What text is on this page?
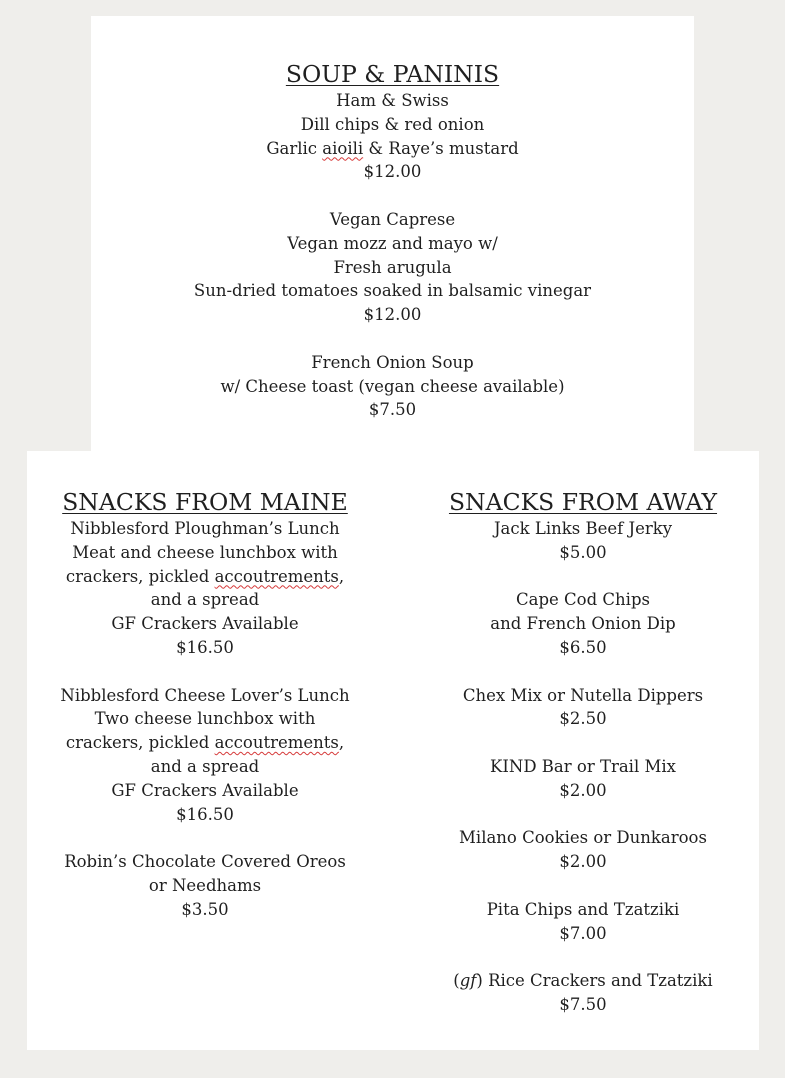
SOUP & PANINIS
Ham & Swiss
Dill chips & red onion
Garlic aioili & Raye’s mustard
$12.00
Vegan Caprese
Vegan mozz and mayo w/
Fresh arugula
Sun-dried tomatoes soaked in balsamic vinegar
$12.00
French Onion Soup
w/ Cheese toast (vegan cheese available)
$7.50
SNACKS FROM MAINE
Nibblesford Ploughman’s Lunch
Meat and cheese lunchbox with
crackers, pickled accoutrements,
and a spread
GF Crackers Available
$16.50
Nibblesford Cheese Lover’s Lunch
Two cheese lunchbox with
crackers, pickled accoutrements,
and a spread
GF Crackers Available
$16.50
Robin’s Chocolate Covered Oreos
or Needhams
$3.50
SNACKS FROM AWAY
Jack Links Beef Jerky
$5.00
Cape Cod Chips
and French Onion Dip
$6.50
Chex Mix or Nutella Dippers
$2.50
KIND Bar or Trail Mix
$2.00
Milano Cookies or Dunkaroos
$2.00
Pita Chips and Tzatziki
$7.00
(gf) Rice Crackers and Tzatziki
$7.50
